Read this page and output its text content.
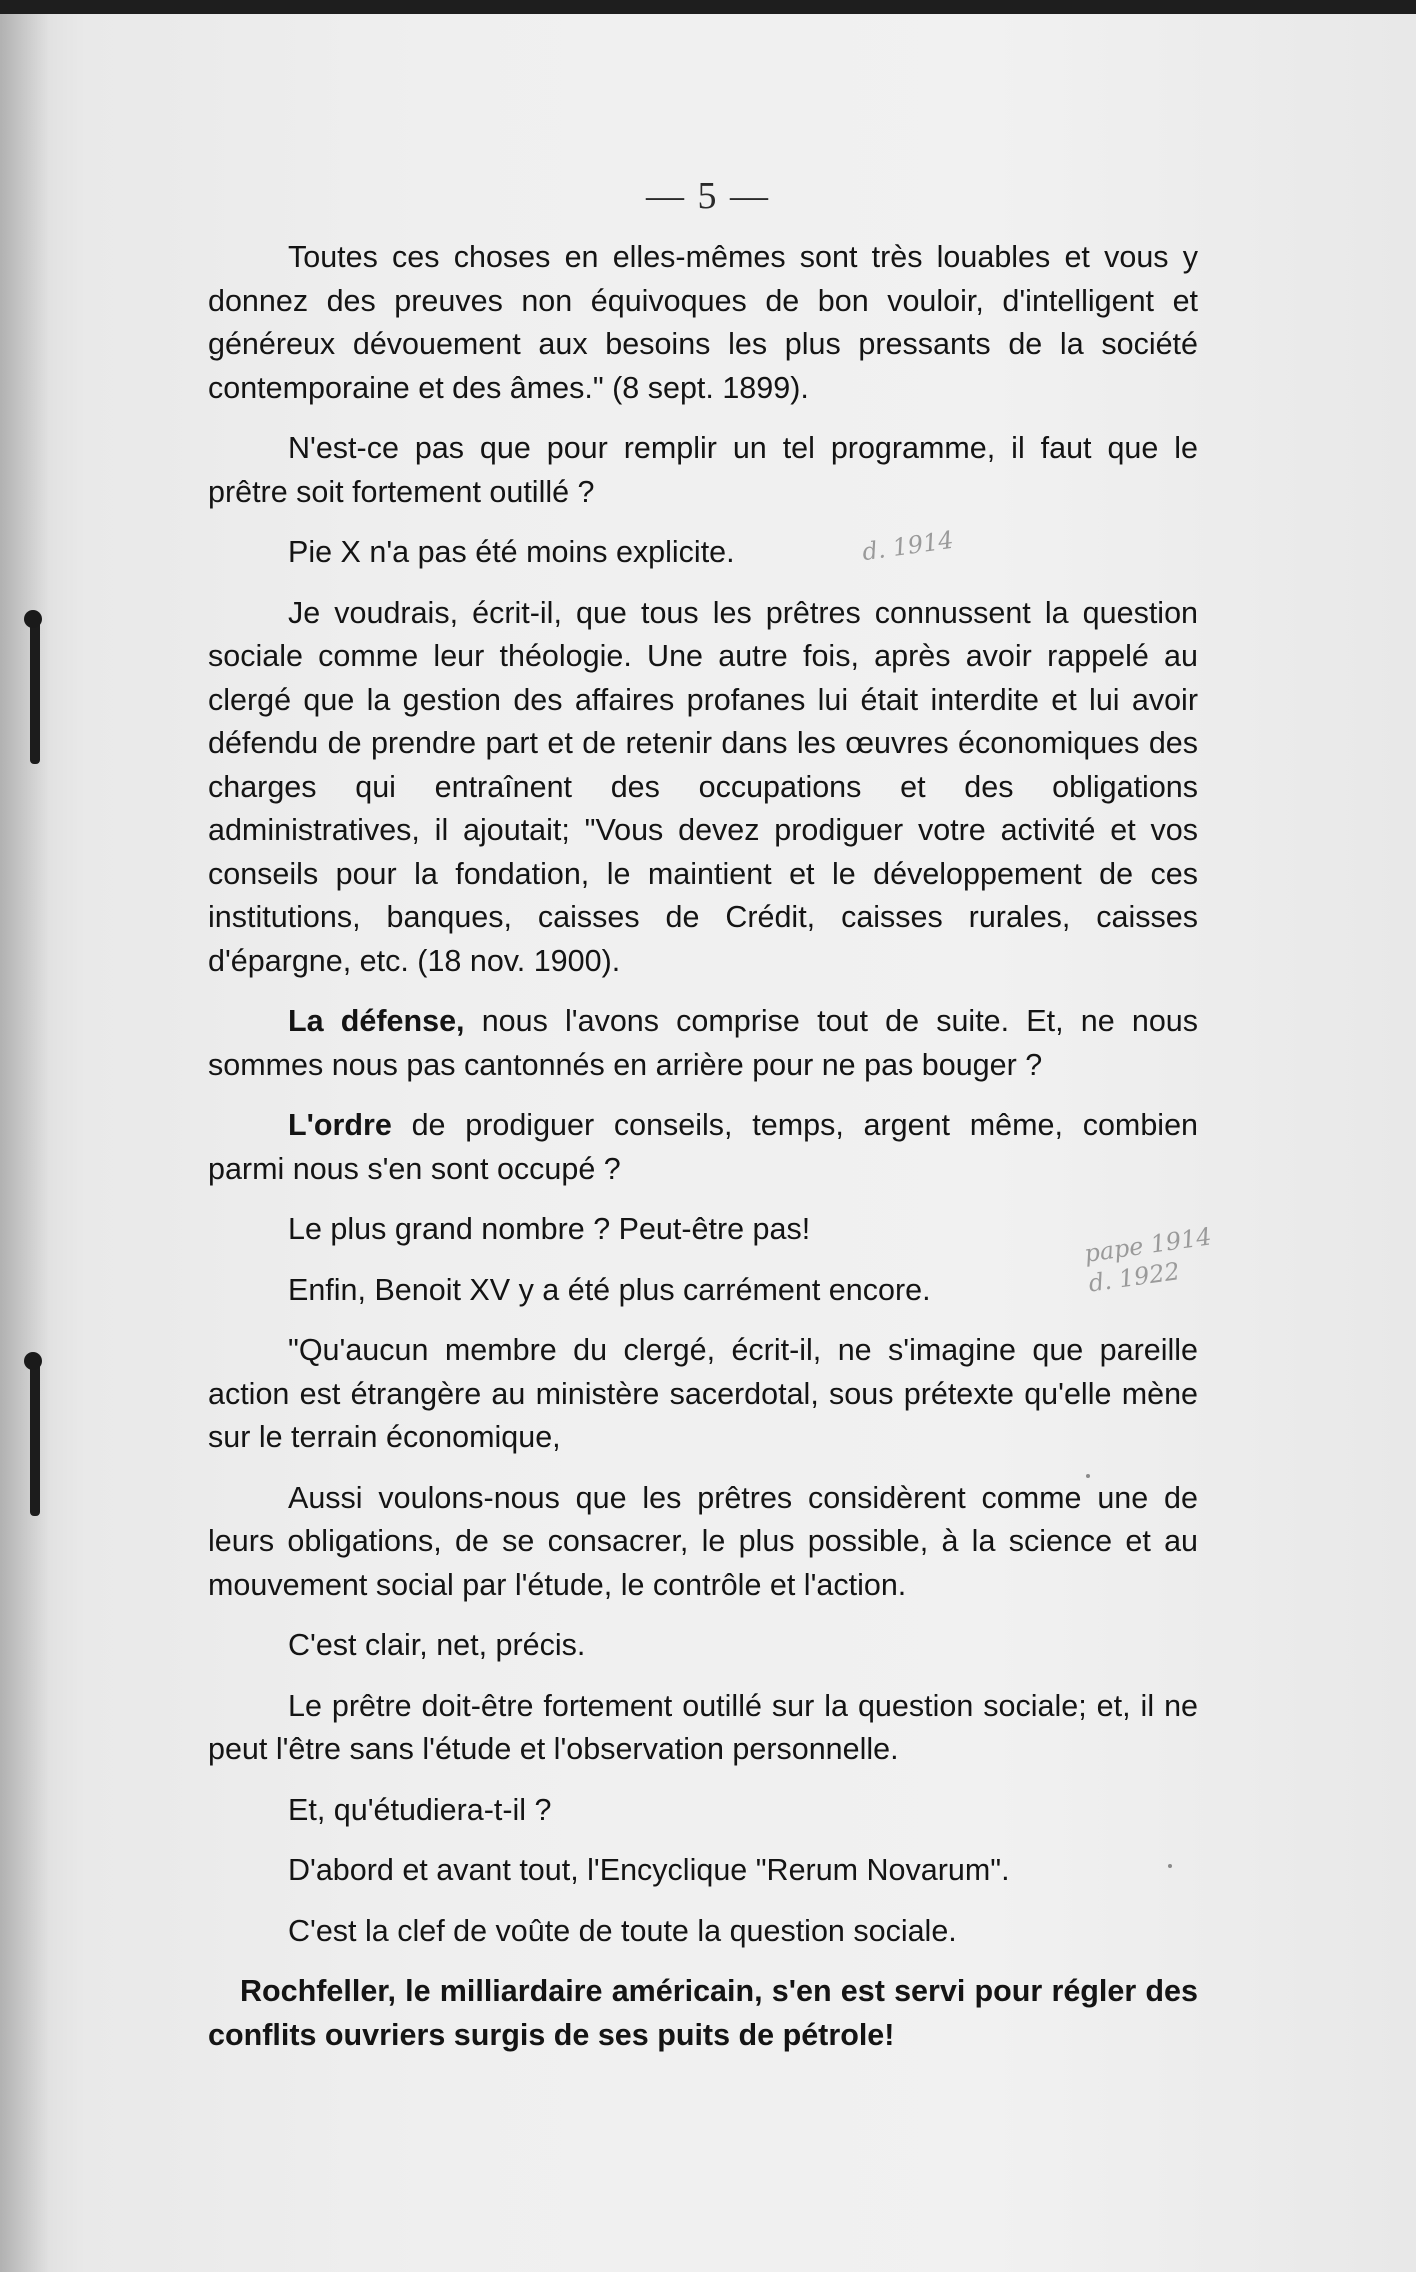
— 5 —

Toutes ces choses en elles-mêmes sont très louables et vous y donnez des preuves non équivoques de bon vouloir, d'intelligent et généreux dévouement aux besoins les plus pressants de la société contemporaine et des âmes." (8 sept. 1899).

N'est-ce pas que pour remplir un tel programme, il faut que le prêtre soit fortement outillé ?

Pie X n'a pas été moins explicite.

Je voudrais, écrit-il, que tous les prêtres connussent la question sociale comme leur théologie. Une autre fois, après avoir rappelé au clergé que la gestion des affaires profanes lui était interdite et lui avoir défendu de prendre part et de retenir dans les œuvres économiques des charges qui entraînent des occupations et des obligations administratives, il ajoutait; "Vous devez prodiguer votre activité et vos conseils pour la fondation, le maintient et le développement de ces institutions, banques, caisses de Crédit, caisses rurales, caisses d'épargne, etc. (18 nov. 1900).

La défense, nous l'avons comprise tout de suite. Et, ne nous sommes nous pas cantonnés en arrière pour ne pas bouger ?

L'ordre de prodiguer conseils, temps, argent même, combien parmi nous s'en sont occupé ?

Le plus grand nombre ? Peut-être pas!

Enfin, Benoit XV y a été plus carrément encore.

"Qu'aucun membre du clergé, écrit-il, ne s'imagine que pareille action est étrangère au ministère sacerdotal, sous prétexte qu'elle mène sur le terrain économique,

Aussi voulons-nous que les prêtres considèrent comme une de leurs obligations, de se consacrer, le plus possible, à la science et au mouvement social par l'étude, le contrôle et l'action.

C'est clair, net, précis.

Le prêtre doit-être fortement outillé sur la question sociale; et, il ne peut l'être sans l'étude et l'observation personnelle.

Et, qu'étudiera-t-il ?

D'abord et avant tout, l'Encyclique "Rerum Novarum".

C'est la clef de voûte de toute la question sociale.

Rochfeller, le milliardaire américain, s'en est servi pour régler des conflits ouvriers surgis de ses puits de pétrole!

d. 1914
pape 1914
d. 1922
